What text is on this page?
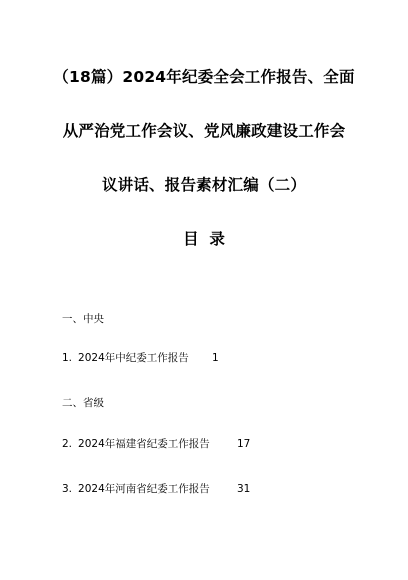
（18篇）2024年纪委全会工作报告、全面
从严治党工作会议、党风廉政建设工作会
议讲话、报告素材汇编（二）
目  录
一、中央
1. 2024年中纪委工作报告 1
二、省级
2. 2024年福建省纪委工作报告	17
3. 2024年河南省纪委工作报告	31
